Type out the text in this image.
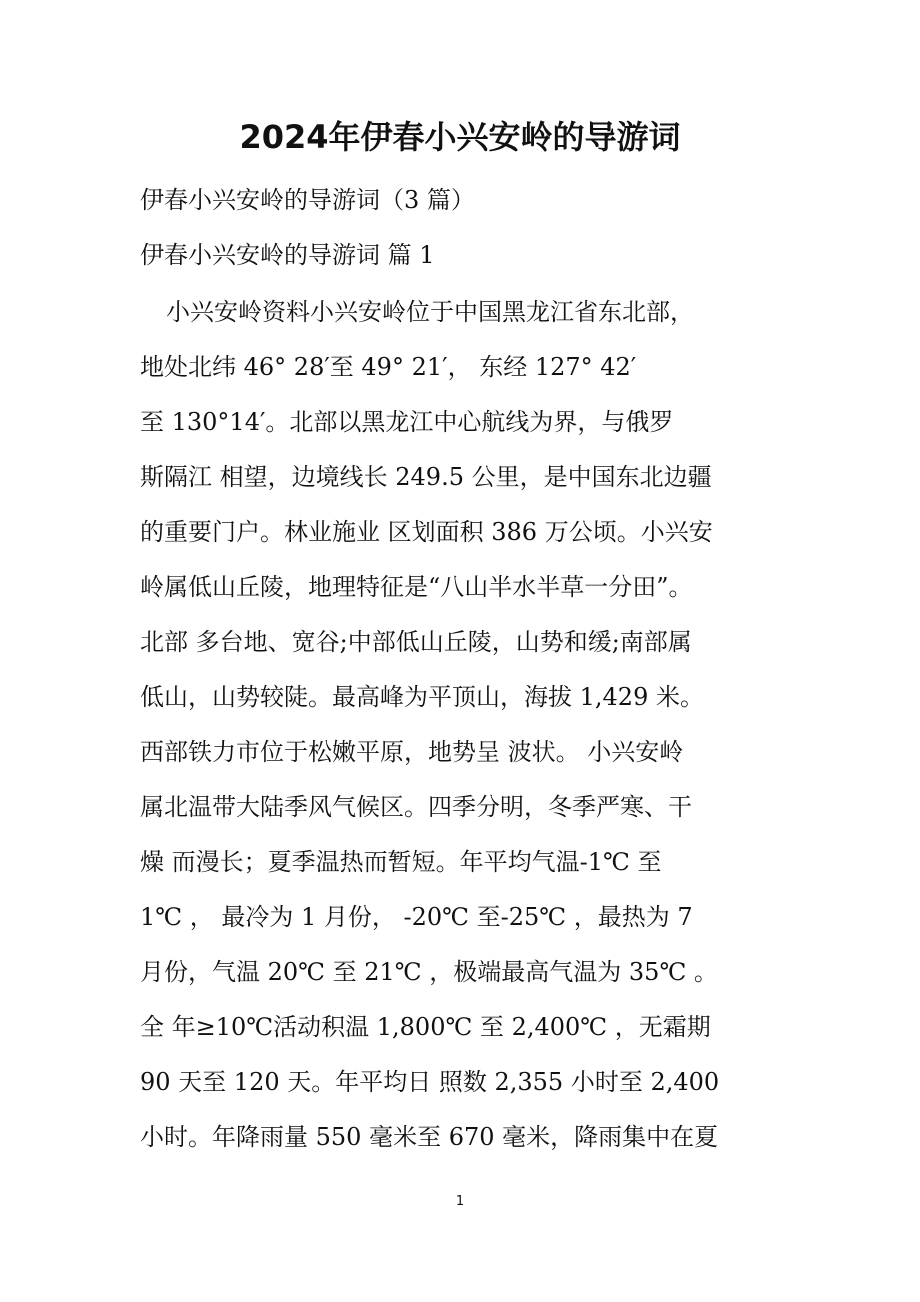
2024年伊春小兴安岭的导游词

伊春小兴安岭的导游词（3 篇）

伊春小兴安岭的导游词 篇 1

小兴安岭资料小兴安岭位于中国黑龙江省东北部，
地处北纬 46° 28′至 49° 21′， 东经 127° 42′
至 130°14′。北部以黑龙江中心航线为界，与俄罗
斯隔江 相望，边境线长 249.5 公里，是中国东北边疆
的重要门户。林业施业 区划面积 386 万公顷。小兴安
岭属低山丘陵，地理特征是“八山半水半草一分田”。
北部 多台地、宽谷;中部低山丘陵，山势和缓;南部属
低山，山势较陡。最高峰为平顶山，海拔 1,429 米。
西部铁力市位于松嫩平原，地势呈 波状。 小兴安岭
属北温带大陆季风气候区。四季分明，冬季严寒、干
燥 而漫长；夏季温热而暂短。年平均气温-1℃ 至
1℃ ， 最冷为 1 月份， -20℃ 至-25℃ ，最热为 7
月份，气温 20℃ 至 21℃ ，极端最高气温为 35℃ 。
全 年≥10℃活动积温 1,800℃ 至 2,400℃ ，无霜期
90 天至 120 天。年平均日 照数 2,355 小时至 2,400
小时。年降雨量 550 毫米至 670 毫米，降雨集中在夏

1
